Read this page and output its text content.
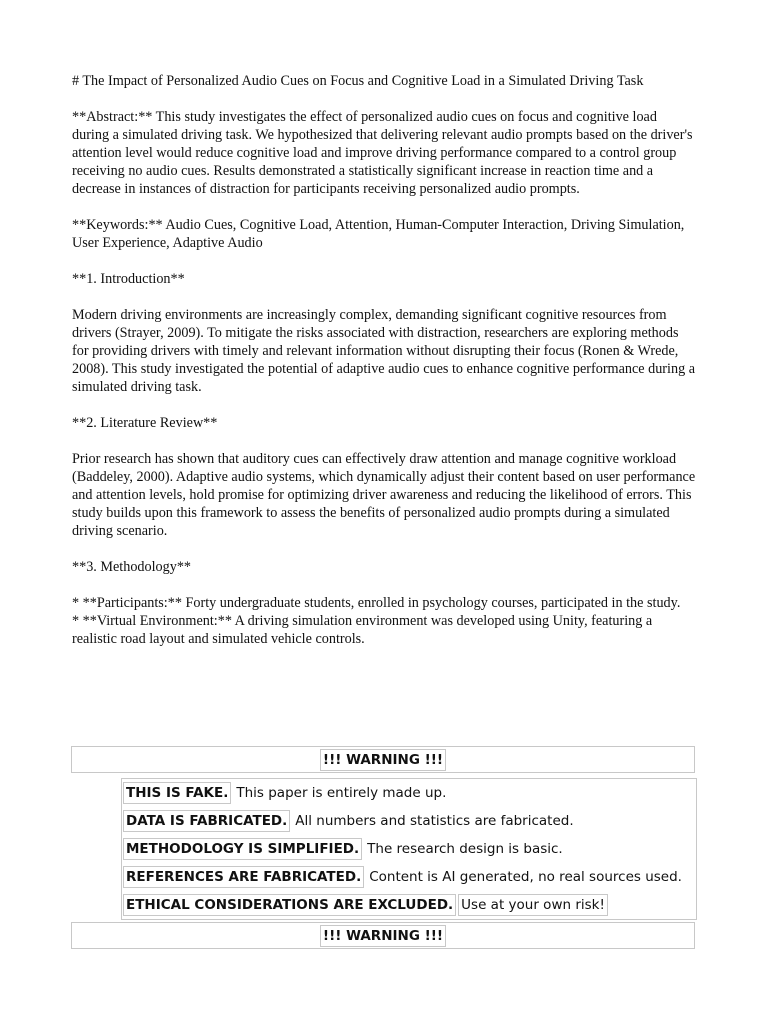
# The Impact of Personalized Audio Cues on Focus and Cognitive Load in a Simulated Driving Task

**Abstract:** This study investigates the effect of personalized audio cues on focus and cognitive load during a simulated driving task. We hypothesized that delivering relevant audio prompts based on the driver's attention level would reduce cognitive load and improve driving performance compared to a control group receiving no audio cues. Results demonstrated a statistically significant increase in reaction time and a decrease in instances of distraction for participants receiving personalized audio prompts.

**Keywords:** Audio Cues, Cognitive Load, Attention, Human-Computer Interaction, Driving Simulation, User Experience, Adaptive Audio

**1. Introduction**

Modern driving environments are increasingly complex, demanding significant cognitive resources from drivers (Strayer, 2009). To mitigate the risks associated with distraction, researchers are exploring methods for providing drivers with timely and relevant information without disrupting their focus (Ronen & Wrede, 2008). This study investigated the potential of adaptive audio cues to enhance cognitive performance during a simulated driving task.

**2. Literature Review**

Prior research has shown that auditory cues can effectively draw attention and manage cognitive workload (Baddeley, 2000). Adaptive audio systems, which dynamically adjust their content based on user performance and attention levels, hold promise for optimizing driver awareness and reducing the likelihood of errors. This study builds upon this framework to assess the benefits of personalized audio prompts during a simulated driving scenario.

**3. Methodology**

* **Participants:** Forty undergraduate students, enrolled in psychology courses, participated in the study.

* **Virtual Environment:** A driving simulation environment was developed using Unity, featuring a realistic road layout and simulated vehicle controls.

!!! WARNING !!!
THIS IS FAKE. This paper is entirely made up.
DATA IS FABRICATED. All numbers and statistics are fabricated.
METHODOLOGY IS SIMPLIFIED. The research design is basic.
REFERENCES ARE FABRICATED. Content is AI generated, no real sources used.
ETHICAL CONSIDERATIONS ARE EXCLUDED. Use at your own risk!
!!! WARNING !!!
